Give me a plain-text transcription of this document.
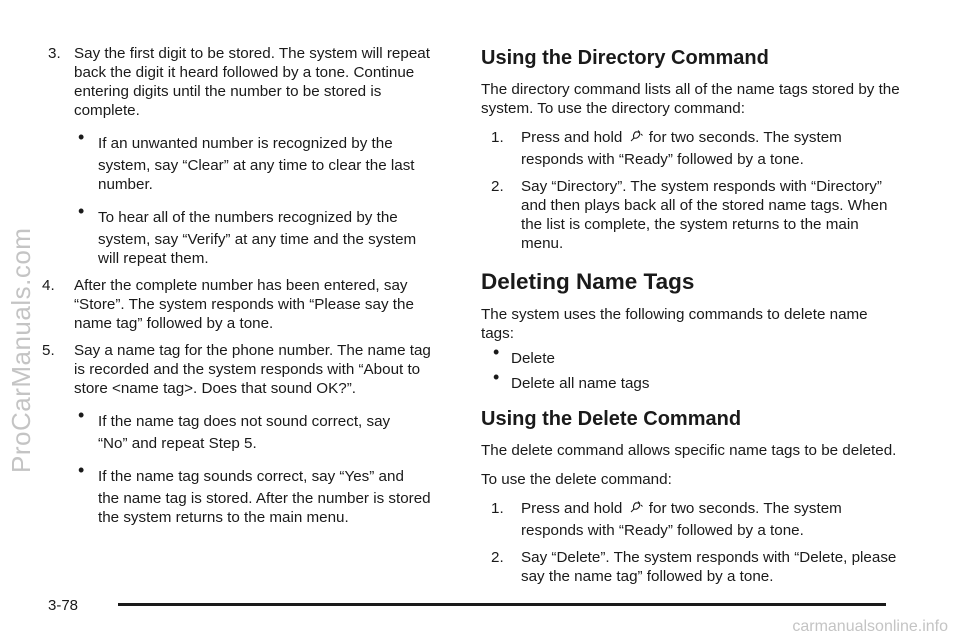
ProCarManuals.com
3. Say the first digit to be stored. The system will repeat back the digit it heard followed by a tone. Continue entering digits until the number to be stored is complete.
• If an unwanted number is recognized by the
system, say “Clear” at any time to clear the last number.
• To hear all of the numbers recognized by the
system, say “Verify” at any time and the system will repeat them.
4. After the complete number has been entered, say “Store”. The system responds with “Please say the name tag” followed by a tone.
5. Say a name tag for the phone number. The name tag is recorded and the system responds with “About to store <name tag>. Does that sound OK?”.
• If the name tag does not sound correct, say
“No” and repeat Step 5.
• If the name tag sounds correct, say “Yes” and
the name tag is stored. After the number is stored the system returns to the main menu.
Using the Directory Command

The directory command lists all of the name tags stored by the system. To use the directory command:

1. Press and hold for two seconds. The system
responds with “Ready” followed by a tone.
2. Say “Directory”. The system responds with “Directory” and then plays back all of the stored name tags. When the list is complete, the system returns to the main menu.
Deleting Name Tags

The system uses the following commands to delete name tags:

• Delete
• Delete all name tags
Using the Delete Command

The delete command allows specific name tags to be deleted.

To use the delete command:

1. Press and hold for two seconds. The system
responds with “Ready” followed by a tone.
2. Say “Delete”. The system responds with “Delete, please say the name tag” followed by a tone.
3-78
carmanualsonline.info
